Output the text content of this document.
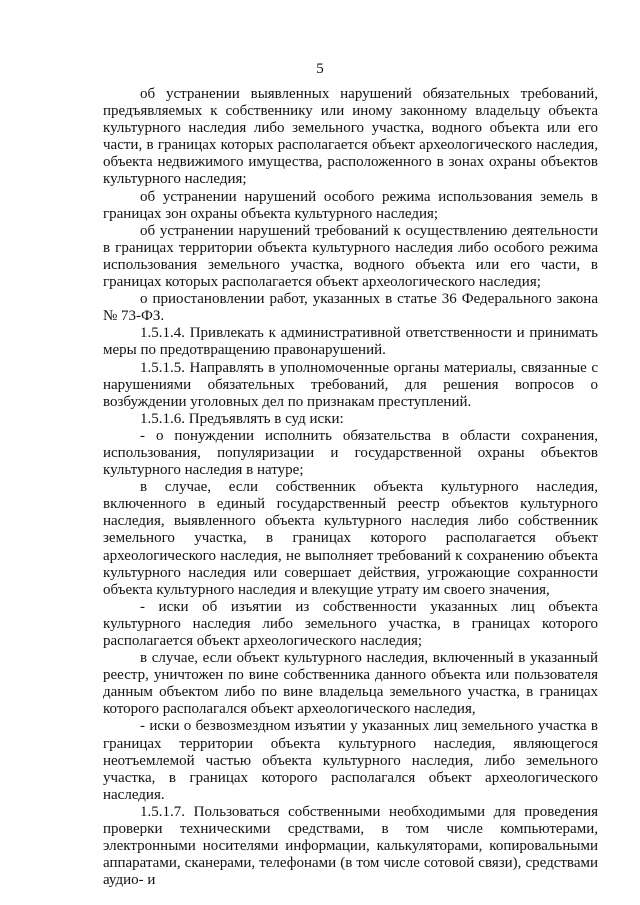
5

об устранении выявленных нарушений обязательных требований, предъявляемых к собственнику или иному законному владельцу объекта культурного наследия либо земельного участка, водного объекта или его части, в границах которых располагается объект археологического наследия, объекта недвижимого имущества, расположенного в зонах охраны объектов культурного наследия;

об устранении нарушений особого режима использования земель в границах зон охраны объекта культурного наследия;

об устранении нарушений требований к осуществлению деятельности в границах территории объекта культурного наследия либо особого режима использования земельного участка, водного объекта или его части, в границах которых располагается объект археологического наследия;

о приостановлении работ, указанных в статье 36 Федерального закона № 73-ФЗ.

1.5.1.4. Привлекать к административной ответственности и принимать меры по предотвращению правонарушений.

1.5.1.5. Направлять в уполномоченные органы материалы, связанные с нарушениями обязательных требований, для решения вопросов о возбуждении уголовных дел по признакам преступлений.

1.5.1.6. Предъявлять в суд иски:

- о понуждении исполнить обязательства в области сохранения, использования, популяризации и государственной охраны объектов культурного наследия в натуре;

в случае, если собственник объекта культурного наследия, включенного в единый государственный реестр объектов культурного наследия, выявленного объекта культурного наследия либо собственник земельного участка, в границах которого располагается объект археологического наследия, не выполняет требований к сохранению объекта культурного наследия или совершает действия, угрожающие сохранности объекта культурного наследия и влекущие утрату им своего значения,

- иски об изъятии из собственности указанных лиц объекта культурного наследия либо земельного участка, в границах которого располагается объект археологического наследия;

в случае, если объект культурного наследия, включенный в указанный реестр, уничтожен по вине собственника данного объекта или пользователя данным объектом либо по вине владельца земельного участка, в границах которого располагался объект археологического наследия,

- иски о безвозмездном изъятии у указанных лиц земельного участка в границах территории объекта культурного наследия, являющегося неотъемлемой частью объекта культурного наследия, либо земельного участка, в границах которого располагался объект археологического наследия.

1.5.1.7. Пользоваться собственными необходимыми для проведения проверки техническими средствами, в том числе компьютерами, электронными носителями информации, калькуляторами, копировальными аппаратами, сканерами, телефонами (в том числе сотовой связи), средствами аудио- и
